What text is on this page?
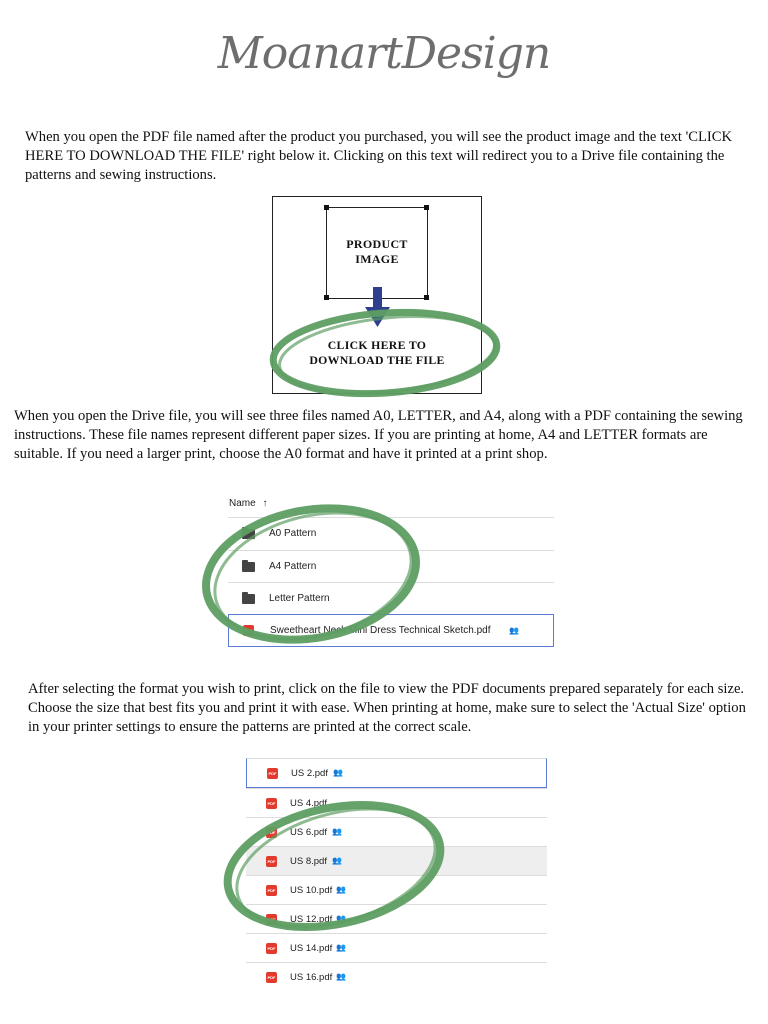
MoanartDesign

When you open the PDF file named after the product you purchased, you will see the product image and the text 'CLICK HERE TO DOWNLOAD THE FILE' right below it. Clicking on this text will redirect you to a Drive file containing the patterns and sewing instructions.

PRODUCT
IMAGE
CLICK HERE TO
DOWNLOAD THE FILE

When you open the Drive file, you will see three files named A0, LETTER, and A4, along with a PDF containing the sewing instructions. These file names represent different paper sizes. If you are printing at home, A4 and LETTER formats are suitable. If you need a larger print, choose the A0 format and have it printed at a print shop.

Name ↑
A0 Pattern
A4 Pattern
Letter Pattern
PDF Sweetheart Neck Mini Dress Technical Sketch.pdf 👥

After selecting the format you wish to print, click on the file to view the PDF documents prepared separately for each size. Choose the size that best fits you and print it with ease. When printing at home, make sure to select the 'Actual Size' option in your printer settings to ensure the patterns are printed at the correct scale.

PDF US 2.pdf 👥
PDF US 4.pdf
PDF US 6.pdf 👥
PDF US 8.pdf 👥
PDF US 10.pdf 👥
PDF US 12.pdf 👥
PDF US 14.pdf 👥
PDF US 16.pdf 👥
